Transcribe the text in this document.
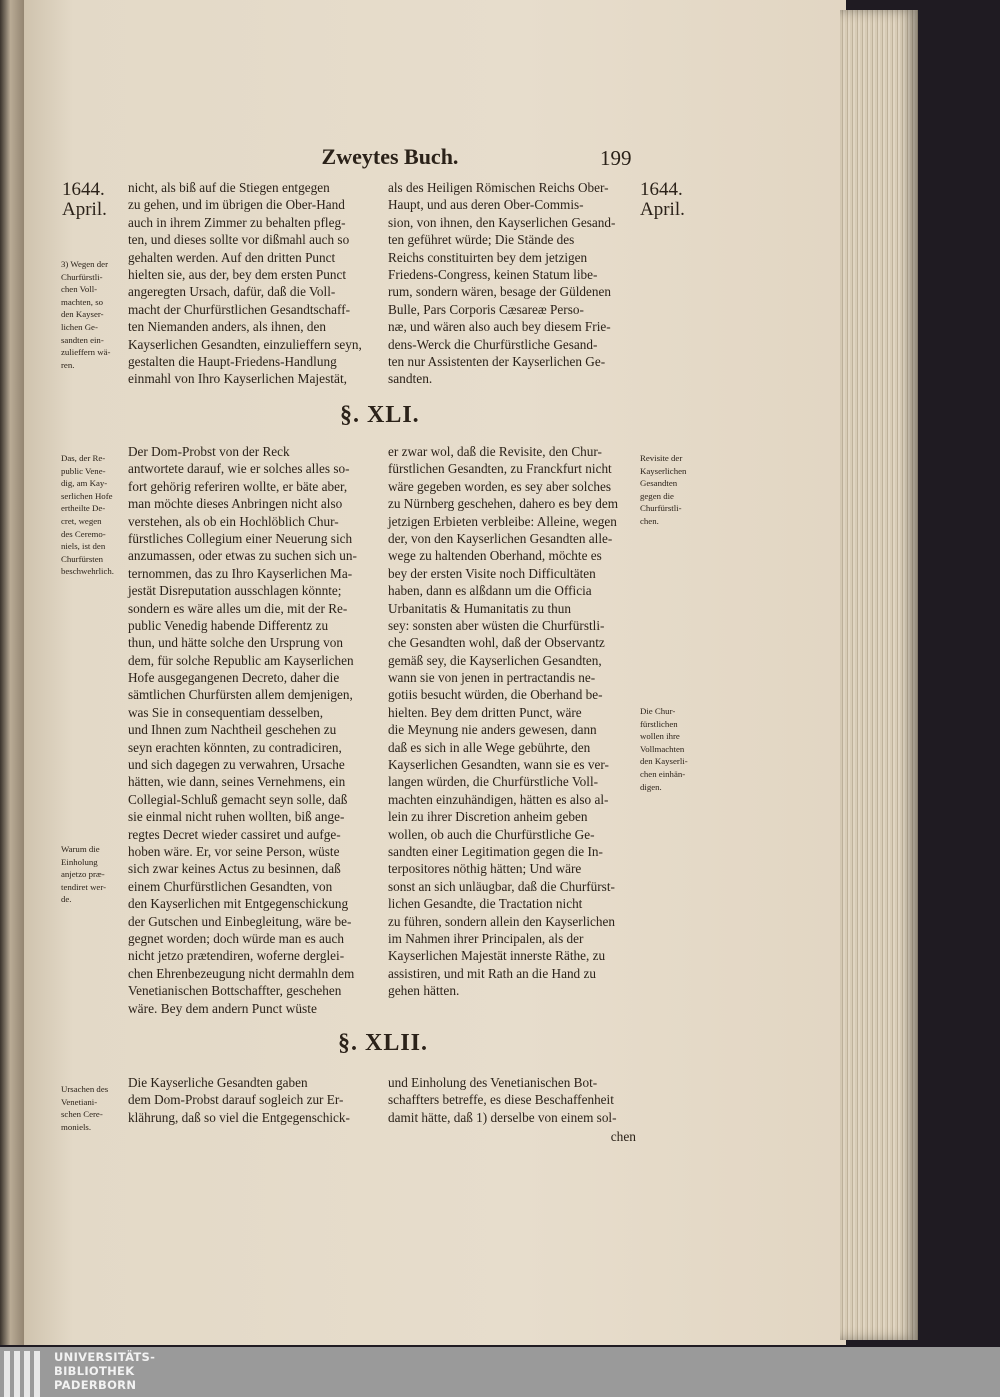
Zweytes Buch.	199
1644.
April.
1644.
April.
nicht, als biß auf die Stiegen entgegen
zu gehen, und im übrigen die Ober-Hand
auch in ihrem Zimmer zu behalten pfleg-
ten, und dieses sollte vor dißmahl auch so
gehalten werden. Auf den dritten Punct
hielten sie, aus der, bey dem ersten Punct
angeregten Ursach, dafür, daß die Voll-
macht der Churfürstlichen Gesandtschaff-
ten Niemanden anders, als ihnen, den
Kayserlichen Gesandten, einzulieffern seyn,
gestalten die Haupt-Friedens-Handlung
einmahl von Ihro Kayserlichen Majestät,
als des Heiligen Römischen Reichs Ober-
Haupt, und aus deren Ober-Commis-
sion, von ihnen, den Kayserlichen Gesand-
ten geführet würde; Die Stände des
Reichs constituirten bey dem jetzigen
Friedens-Congress, keinen Statum libe-
rum, sondern wären, besage der Güldenen
Bulle, Pars Corporis Cæsareæ Perso-
næ, und wären also auch bey diesem Frie-
dens-Werck die Churfürstliche Gesand-
ten nur Assistenten der Kayserlichen Ge-
sandten.
§. XLI.
Der Dom-Probst von der Reck
antwortete darauf, wie er solches alles so-
fort gehörig referiren wollte, er bäte aber,
man möchte dieses Anbringen nicht also
verstehen, als ob ein Hochlöblich Chur-
fürstliches Collegium einer Neuerung sich
anzumassen, oder etwas zu suchen sich un-
ternommen, das zu Ihro Kayserlichen Ma-
jestät Disreputation ausschlagen könnte;
sondern es wäre alles um die, mit der Re-
public Venedig habende Differentz zu
thun, und hätte solche den Ursprung von
dem, für solche Republic am Kayserlichen
Hofe ausgegangenen Decreto, daher die
sämtlichen Churfürsten allem demjenigen,
was Sie in consequentiam desselben,
und Ihnen zum Nachtheil geschehen zu
seyn erachten könnten, zu contradiciren,
und sich dagegen zu verwahren, Ursache
hätten, wie dann, seines Vernehmens, ein
Collegial-Schluß gemacht seyn solle, daß
sie einmal nicht ruhen wollten, biß ange-
regtes Decret wieder cassiret und aufge-
hoben wäre. Er, vor seine Person, wüste
sich zwar keines Actus zu besinnen, daß
einem Churfürstlichen Gesandten, von
den Kayserlichen mit Entgegenschickung
der Gutschen und Einbegleitung, wäre be-
gegnet worden; doch würde man es auch
nicht jetzo prætendiren, woferne derglei-
chen Ehrenbezeugung nicht dermahln dem
Venetianischen Bottschaffter, geschehen
wäre. Bey dem andern Punct wüste
er zwar wol, daß die Revisite, den Chur-
fürstlichen Gesandten, zu Franckfurt nicht
wäre gegeben worden, es sey aber solches
zu Nürnberg geschehen, dahero es bey dem
jetzigen Erbieten verbleibe: Alleine, wegen
der, von den Kayserlichen Gesandten alle-
wege zu haltenden Oberhand, möchte es
bey der ersten Visite noch Difficultäten
haben, dann es alßdann um die Officia
Urbanitatis & Humanitatis zu thun
sey: sonsten aber wüsten die Churfürstli-
che Gesandten wohl, daß der Observantz
gemäß sey, die Kayserlichen Gesandten,
wann sie von jenen in pertractandis ne-
gotiis besucht würden, die Oberhand be-
hielten. Bey dem dritten Punct, wäre
die Meynung nie anders gewesen, dann
daß es sich in alle Wege gebührte, den
Kayserlichen Gesandten, wann sie es ver-
langen würden, die Churfürstliche Voll-
machten einzuhändigen, hätten es also al-
lein zu ihrer Discretion anheim geben
wollen, ob auch die Churfürstliche Ge-
sandten einer Legitimation gegen die In-
terpositores nöthig hätten; Und wäre
sonst an sich unläugbar, daß die Churfürst-
lichen Gesandte, die Tractation nicht
zu führen, sondern allein den Kayserlichen
im Nahmen ihrer Principalen, als der
Kayserlichen Majestät innerste Räthe, zu
assistiren, und mit Rath an die Hand zu
gehen hätten.
§. XLII.
Die Kayserliche Gesandten gaben
dem Dom-Probst darauf sogleich zur Er-
klährung, daß so viel die Entgegenschick-
und Einholung des Venetianischen Bot-
schaffters betreffe, es diese Beschaffenheit
damit hätte, daß 1) derselbe von einem sol-
chen
3) Wegen der
Churfürstli-
chen Voll-
machten, so
den Kayser-
lichen Ge-
sandten ein-
zulieffern wä-
ren.
Das, der Re-
public Vene-
dig, am Kay-
serlichen Hofe
ertheilte De-
cret, wegen
des Ceremo-
niels, ist den
Churfürsten
beschwehrlich.
Revisite der
Kayserlichen
Gesandten
gegen die
Churfürstli-
chen.
Die Chur-
fürstlichen
wollen ihre
Vollmachten
den Kayserli-
chen einhän-
digen.
Warum die
Einholung
anjetzo præ-
tendiret wer-
de.
Ursachen des
Venetiani-
schen Cere-
moniels.
UNIVERSITÄTS-
BIBLIOTHEK
PADERBORN
